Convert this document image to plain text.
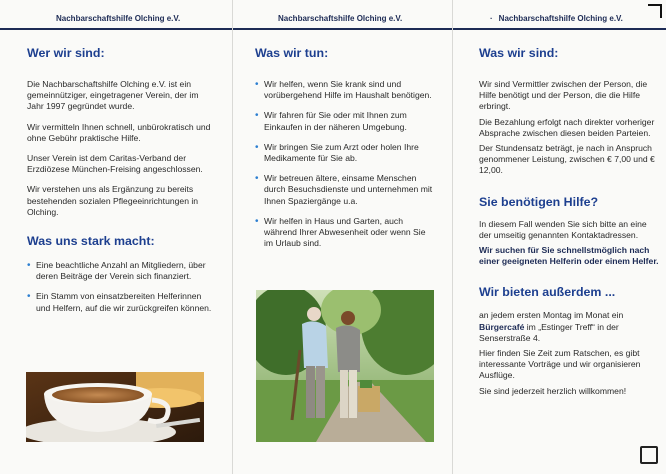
Nachbarschaftshilfe Olching e.V.	Nachbarschaftshilfe Olching e.V.	· Nachbarschaftshilfe Olching e.V.
Wer wir sind:

Die Nachbarschaftshilfe Olching e.V. ist ein gemeinnütziger, eingetragener Verein, der im Jahr 1997 gegründet wurde.

Wir vermitteln Ihnen schnell, unbürokratisch und ohne Gebühr praktische Hilfe.

Unser Verein ist dem Caritas-Verband der Erzdiözese München-Freising angeschlossen.

Wir verstehen uns als Ergänzung zu bereits bestehenden sozialen Pflegeeinrichtungen in Olching.

Was uns stark macht:
• Eine beachtliche Anzahl an Mitgliedern, über deren Beiträge der Verein sich finanziert.
• Ein Stamm von einsatzbereiten Helferinnen und Helfern, auf die wir zurückgreifen können.
Was wir tun:
• Wir helfen, wenn Sie krank sind und vorübergehend Hilfe im Haushalt benötigen.
• Wir fahren für Sie oder mit Ihnen zum Einkaufen in der näheren Umgebung.
• Wir bringen Sie zum Arzt oder holen Ihre Medikamente für Sie ab.
• Wir betreuen ältere, einsame Menschen durch Besuchsdienste und unternehmen mit Ihnen Spaziergänge u.a.
• Wir helfen in Haus und Garten, auch während Ihrer Abwesenheit oder wenn Sie im Urlaub sind.
Was wir sind:

Wir sind Vermittler zwischen der Person, die Hilfe benötigt und der Person, die die Hilfe erbringt.

Die Bezahlung erfolgt nach direkter vorheriger Absprache zwischen diesen beiden Parteien.

Der Stundensatz beträgt, je nach in Anspruch genommener Leistung, zwischen € 7,00 und € 12,00.

Sie benötigen Hilfe?

In diesem Fall wenden Sie sich bitte an eine der umseitig genannten Kontaktadressen.

Wir suchen für Sie schnellstmöglich nach einer geeigneten Helferin oder einem Helfer.

Wir bieten außerdem ...

an jedem ersten Montag im Monat ein Bürgercafé im „Estinger Treff“ in der Senserstraße 4.

Hier finden Sie Zeit zum Ratschen, es gibt interessante Vorträge und wir organisieren Ausflüge.

Sie sind jederzeit herzlich willkommen!
